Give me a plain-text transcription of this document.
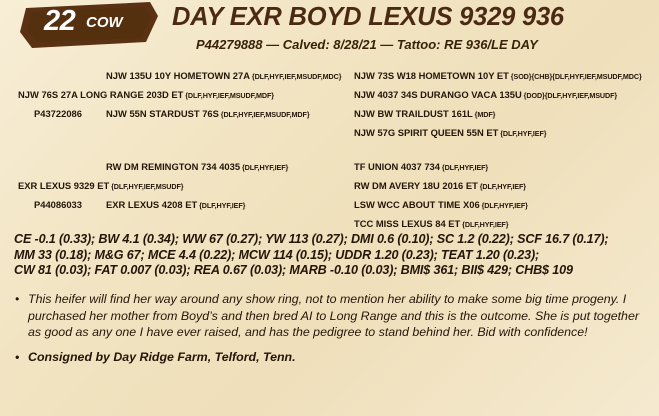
22 COW DAY EXR BOYD LEXUS 9329 936
P44279888 — Calved: 8/28/21 — Tattoo: RE 936/LE DAY
NJW 135U 10Y HOMETOWN 27A {DLF,HYF,IEF,MSUDF,MDC}
NJW 76S 27A LONG RANGE 203D ET {DLF,HYF,IEF,MSUDF,MDF}
P43722086	NJW 55N STARDUST 76S {DLF,HYF,IEF,MSUDF,MDF}
RW DM REMINGTON 734 4035 {DLF,HYF,IEF}
EXR LEXUS 9329 ET {DLF,HYF,IEF,MSUDF}
P44086033	EXR LEXUS 4208 ET {DLF,HYF,IEF}
NJW 73S W18 HOMETOWN 10Y ET {SOD}{CHB}{DLF,HYF,IEF,MSUDF,MDC}
NJW 4037 34S DURANGO VACA 135U {DOD}{DLF,HYF,IEF,MSUDF}
NJW BW TRAILDUST 161L {MDF}
NJW 57G SPIRIT QUEEN 55N ET {DLF,HYF,IEF}
TF UNION 4037 734 {DLF,HYF,IEF}
RW DM AVERY 18U 2016 ET {DLF,HYF,IEF}
LSW WCC ABOUT TIME X06 {DLF,HYF,IEF}
TCC MISS LEXUS 84 ET {DLF,HYF,IEF}
CE -0.1 (0.33); BW 4.1 (0.34); WW 67 (0.27); YW 113 (0.27); DMI 0.6 (0.10); SC 1.2 (0.22); SCF 16.7 (0.17);
MM 33 (0.18); M&G 67; MCE 4.4 (0.22); MCW 114 (0.15); UDDR 1.20 (0.23); TEAT 1.20 (0.23);
CW 81 (0.03); FAT 0.007 (0.03); REA 0.67 (0.03); MARB -0.10 (0.03); BMI$ 361; BII$ 429; CHB$ 109
• This heifer will find her way around any show ring, not to mention her ability to make some big time progeny. I purchased her mother from Boyd’s and then bred AI to Long Range and this is the outcome. She is put together as good as any one I have ever raised, and has the pedigree to stand behind her. Bid with confidence!
• Consigned by Day Ridge Farm, Telford, Tenn.
